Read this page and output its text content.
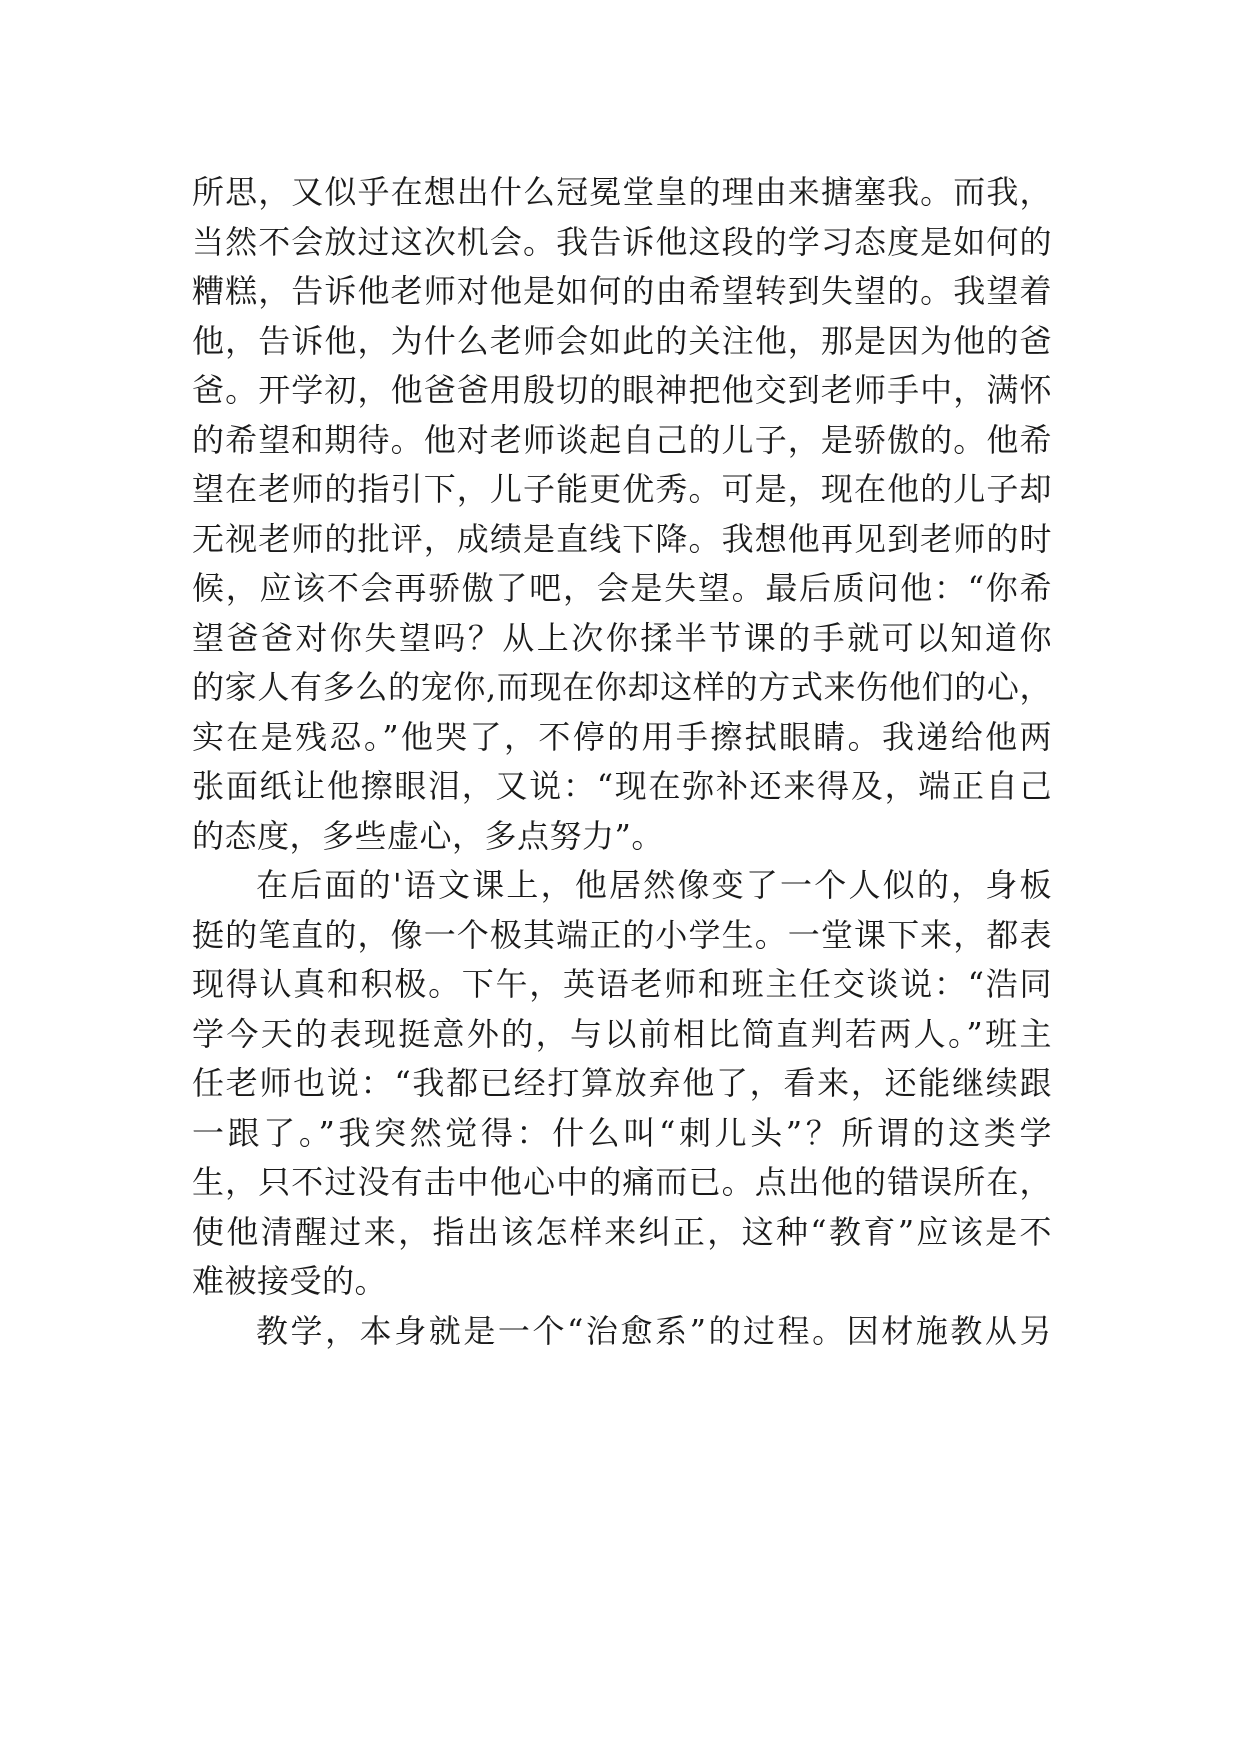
所思，又似乎在想出什么冠冕堂皇的理由来搪塞我。而我，
当然不会放过这次机会。我告诉他这段的学习态度是如何的
糟糕，告诉他老师对他是如何的由希望转到失望的。我望着
他，告诉他，为什么老师会如此的关注他，那是因为他的爸
爸。开学初，他爸爸用殷切的眼神把他交到老师手中，满怀
的希望和期待。他对老师谈起自己的儿子，是骄傲的。他希
望在老师的指引下，儿子能更优秀。可是，现在他的儿子却
无视老师的批评，成绩是直线下降。我想他再见到老师的时
候，应该不会再骄傲了吧，会是失望。最后质问他：“你希
望爸爸对你失望吗？从上次你揉半节课的手就可以知道你
的家人有多么的宠你,而现在你却这样的方式来伤他们的心，
实在是残忍。”他哭了，不停的用手擦拭眼睛。我递给他两
张面纸让他擦眼泪，又说：“现在弥补还来得及，端正自己
的态度，多些虚心，多点努力”。
在后面的'语文课上，他居然像变了一个人似的，身板
挺的笔直的，像一个极其端正的小学生。一堂课下来，都表
现得认真和积极。下午，英语老师和班主任交谈说：“浩同
学今天的表现挺意外的，与以前相比简直判若两人。”班主
任老师也说：“我都已经打算放弃他了，看来，还能继续跟
一跟了。”我突然觉得：什么叫“刺儿头”？所谓的这类学
生，只不过没有击中他心中的痛而已。点出他的错误所在，
使他清醒过来，指出该怎样来纠正，这种“教育”应该是不
难被接受的。
教学，本身就是一个“治愈系”的过程。因材施教从另
